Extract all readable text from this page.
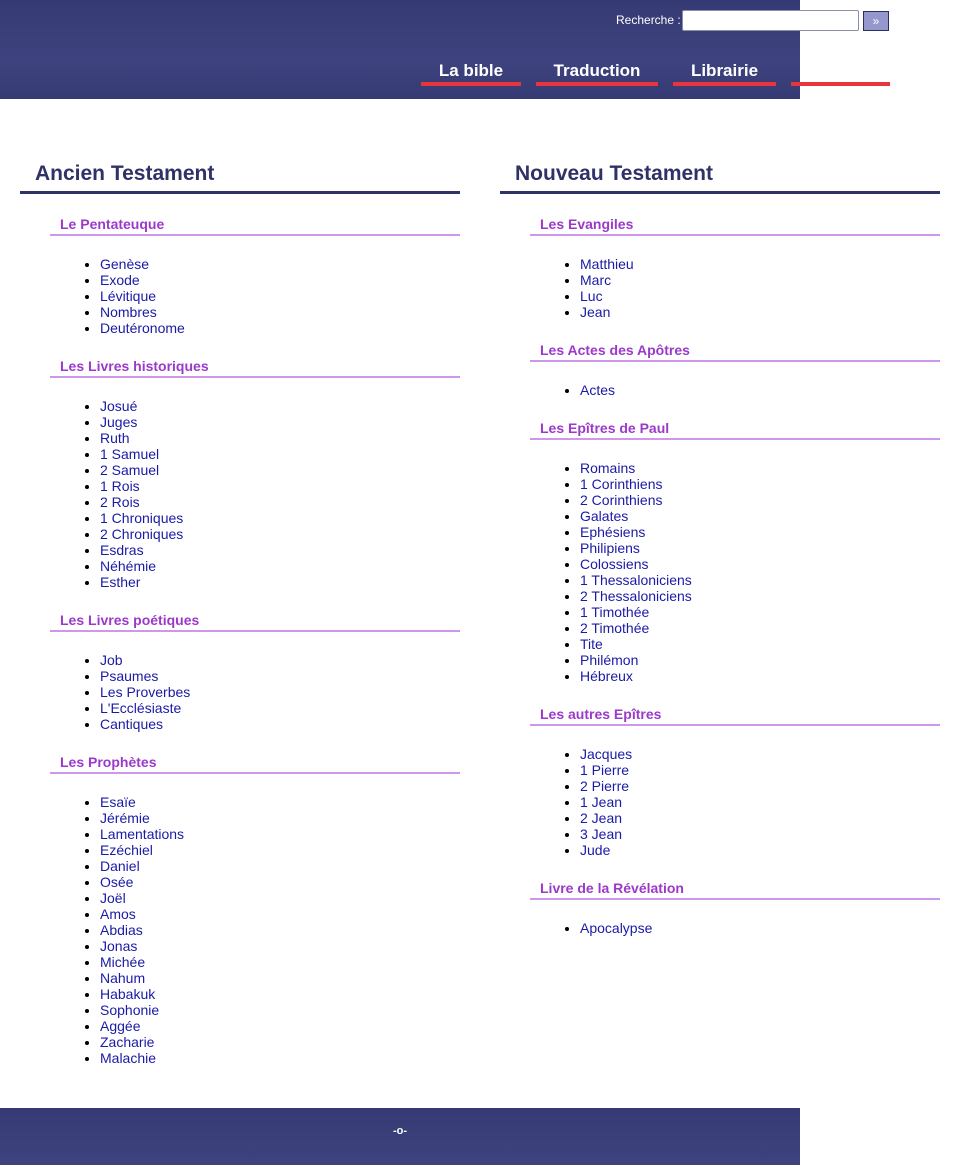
Recherche :	»
La bible	Traduction	Librairie
Ancien Testament
Le Pentateuque
• Genèse
• Exode
• Lévitique
• Nombres
• Deutéronome
Les Livres historiques
• Josué
• Juges
• Ruth
• 1 Samuel
• 2 Samuel
• 1 Rois
• 2 Rois
• 1 Chroniques
• 2 Chroniques
• Esdras
• Néhémie
• Esther
Les Livres poétiques
• Job
• Psaumes
• Les Proverbes
• L'Ecclésiaste
• Cantiques
Les Prophètes
• Esaïe
• Jérémie
• Lamentations
• Ezéchiel
• Daniel
• Osée
• Joël
• Amos
• Abdias
• Jonas
• Michée
• Nahum
• Habakuk
• Sophonie
• Aggée
• Zacharie
• Malachie
Nouveau Testament
Les Evangiles
• Matthieu
• Marc
• Luc
• Jean
Les Actes des Apôtres
• Actes
Les Epîtres de Paul
• Romains
• 1 Corinthiens
• 2 Corinthiens
• Galates
• Ephésiens
• Philipiens
• Colossiens
• 1 Thessaloniciens
• 2 Thessaloniciens
• 1 Timothée
• 2 Timothée
• Tite
• Philémon
• Hébreux
Les autres Epîtres
• Jacques
• 1 Pierre
• 2 Pierre
• 1 Jean
• 2 Jean
• 3 Jean
• Jude
Livre de la Révélation
• Apocalypse
-o-
